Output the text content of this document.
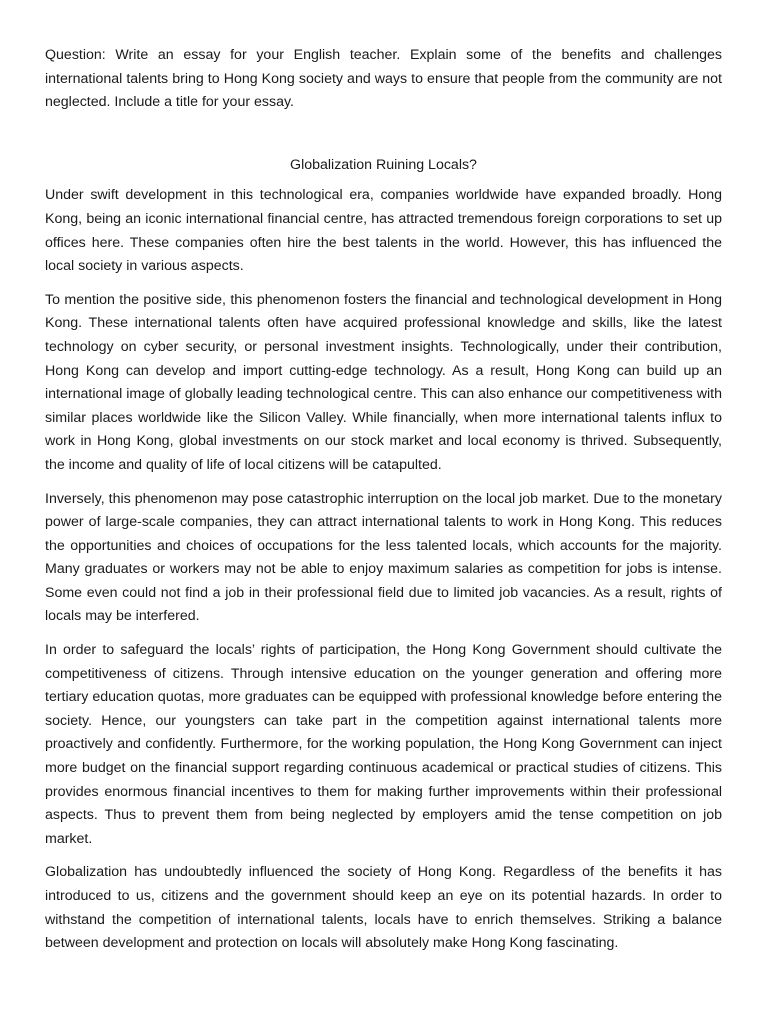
Question: Write an essay for your English teacher. Explain some of the benefits and challenges international talents bring to Hong Kong society and ways to ensure that people from the community are not neglected. Include a title for your essay.

Globalization Ruining Locals?

Under swift development in this technological era, companies worldwide have expanded broadly. Hong Kong, being an iconic international financial centre, has attracted tremendous foreign corporations to set up offices here. These companies often hire the best talents in the world. However, this has influenced the local society in various aspects.

To mention the positive side, this phenomenon fosters the financial and technological development in Hong Kong. These international talents often have acquired professional knowledge and skills, like the latest technology on cyber security, or personal investment insights. Technologically, under their contribution, Hong Kong can develop and import cutting-edge technology. As a result, Hong Kong can build up an international image of globally leading technological centre. This can also enhance our competitiveness with similar places worldwide like the Silicon Valley. While financially, when more international talents influx to work in Hong Kong, global investments on our stock market and local economy is thrived. Subsequently, the income and quality of life of local citizens will be catapulted.

Inversely, this phenomenon may pose catastrophic interruption on the local job market. Due to the monetary power of large-scale companies, they can attract international talents to work in Hong Kong. This reduces the opportunities and choices of occupations for the less talented locals, which accounts for the majority. Many graduates or workers may not be able to enjoy maximum salaries as competition for jobs is intense. Some even could not find a job in their professional field due to limited job vacancies. As a result, rights of locals may be interfered.

In order to safeguard the locals’ rights of participation, the Hong Kong Government should cultivate the competitiveness of citizens. Through intensive education on the younger generation and offering more tertiary education quotas, more graduates can be equipped with professional knowledge before entering the society. Hence, our youngsters can take part in the competition against international talents more proactively and confidently. Furthermore, for the working population, the Hong Kong Government can inject more budget on the financial support regarding continuous academical or practical studies of citizens. This provides enormous financial incentives to them for making further improvements within their professional aspects. Thus to prevent them from being neglected by employers amid the tense competition on job market.

Globalization has undoubtedly influenced the society of Hong Kong. Regardless of the benefits it has introduced to us, citizens and the government should keep an eye on its potential hazards. In order to withstand the competition of international talents, locals have to enrich themselves. Striking a balance between development and protection on locals will absolutely make Hong Kong fascinating.
